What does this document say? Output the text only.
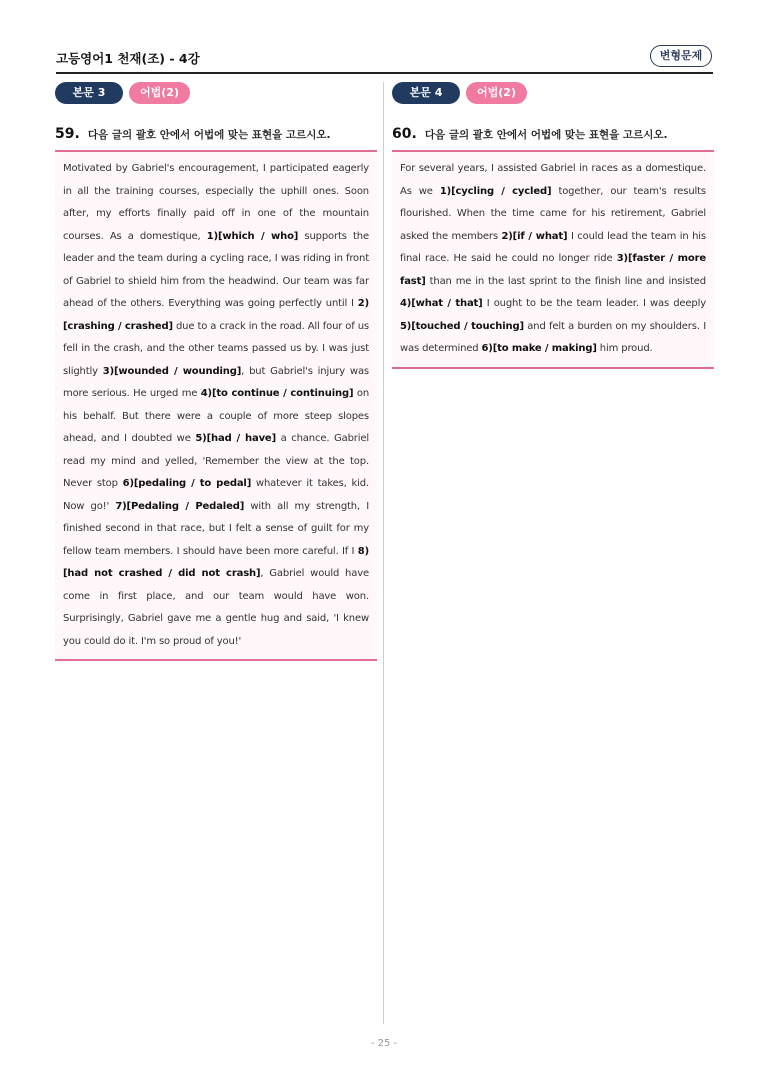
고등영어1 천재(조) - 4강	변형문제
본문 3	어법(2)
59. 다음 글의 괄호 안에서 어법에 맞는 표현을 고르시오.

Motivated by Gabriel's encouragement, I participated eagerly in all the training courses, especially the uphill ones. Soon after, my efforts finally paid off in one of the mountain courses. As a domestique, 1)[which / who] supports the leader and the team during a cycling race, I was riding in front of Gabriel to shield him from the headwind. Our team was far ahead of the others. Everything was going perfectly until I 2)[crashing / crashed] due to a crack in the road. All four of us fell in the crash, and the other teams passed us by. I was just slightly 3)[wounded / wounding], but Gabriel's injury was more serious. He urged me 4)[to continue / continuing] on his behalf. But there were a couple of more steep slopes ahead, and I doubted we 5)[had / have] a chance. Gabriel read my mind and yelled, 'Remember the view at the top. Never stop 6)[pedaling / to pedal] whatever it takes, kid. Now go!' 7)[Pedaling / Pedaled] with all my strength, I finished second in that race, but I felt a sense of guilt for my fellow team members. I should have been more careful. If I 8)[had not crashed / did not crash], Gabriel would have come in first place, and our team would have won. Surprisingly, Gabriel gave me a gentle hug and said, 'I knew you could do it. I'm so proud of you!'

본문 4	어법(2)
60. 다음 글의 괄호 안에서 어법에 맞는 표현을 고르시오.

For several years, I assisted Gabriel in races as a domestique. As we 1)[cycling / cycled] together, our team's results flourished. When the time came for his retirement, Gabriel asked the members 2)[if / what] I could lead the team in his final race. He said he could no longer ride 3)[faster / more fast] than me in the last sprint to the finish line and insisted 4)[what / that] I ought to be the team leader. I was deeply 5)[touched / touching] and felt a burden on my shoulders. I was determined 6)[to make / making] him proud.

- 25 -
